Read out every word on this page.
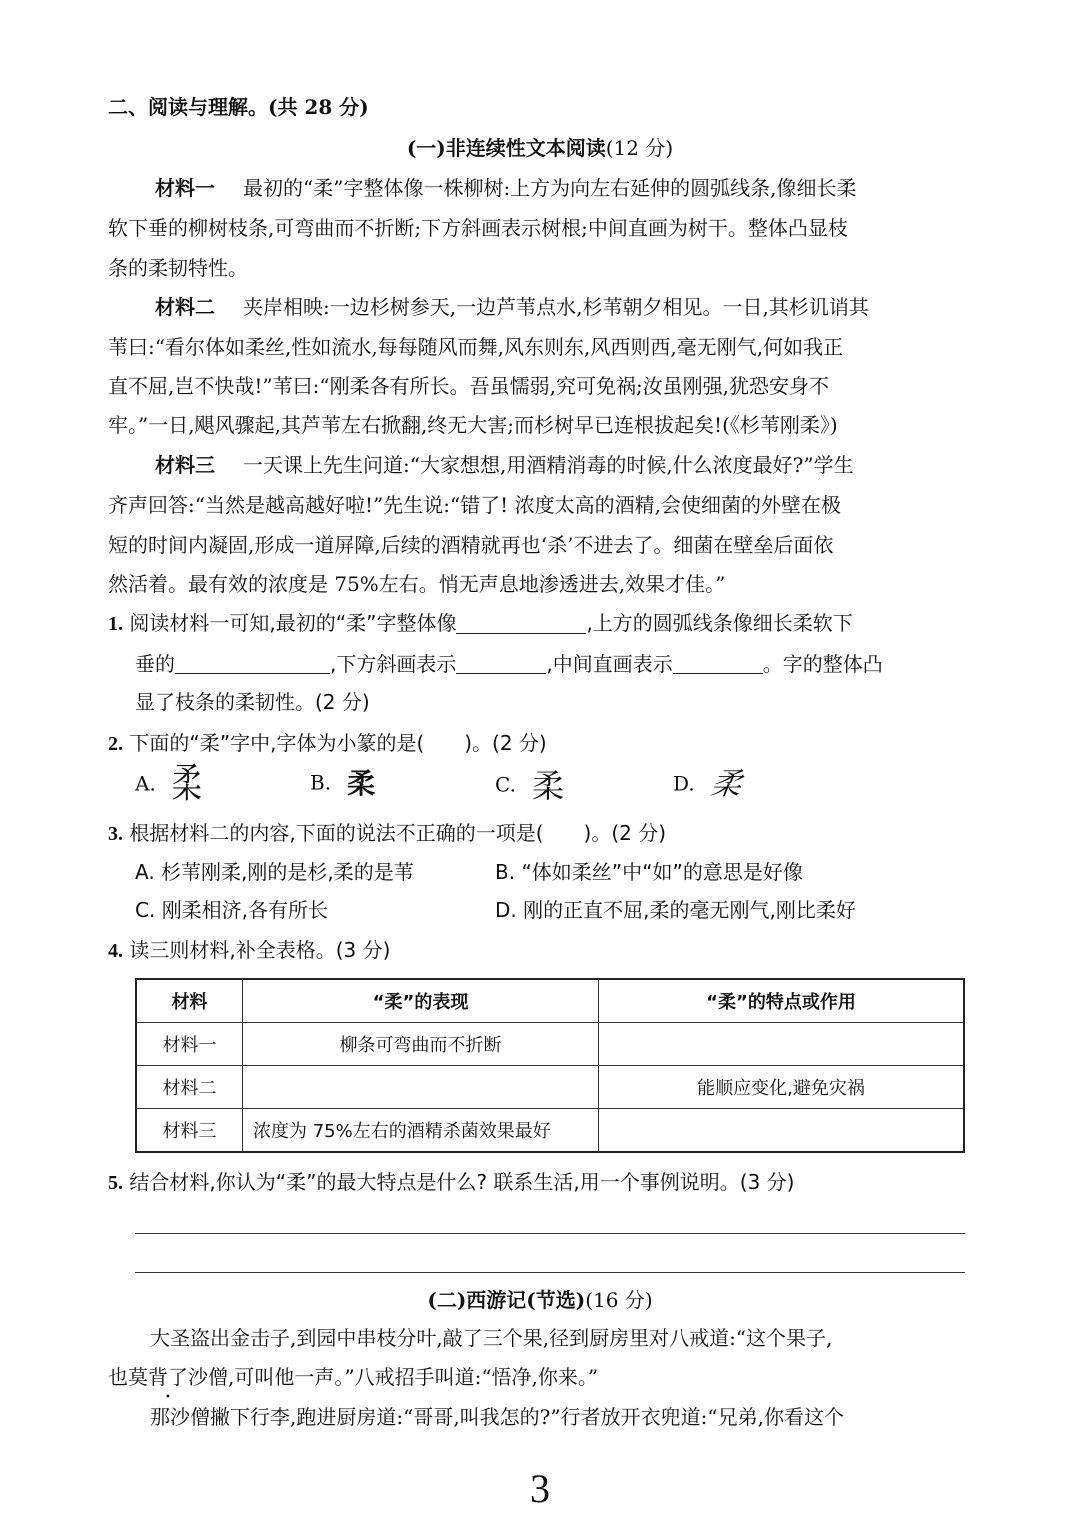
二、阅读与理解。(共 28 分)
(一)非连续性文本阅读(12 分)
材料一 最初的“柔”字整体像一株柳树:上方为向左右延伸的圆弧线条,像细长柔
软下垂的柳树枝条,可弯曲而不折断;下方斜画表示树根;中间直画为树干。整体凸显枝
条的柔韧特性。
材料二 夹岸相映:一边杉树参天,一边芦苇点水,杉苇朝夕相见。一日,其杉讥诮其
苇曰:“看尔体如柔丝,性如流水,每每随风而舞,风东则东,风西则西,毫无刚气,何如我正
直不屈,岂不快哉!”苇曰:“刚柔各有所长。吾虽懦弱,究可免祸;汝虽刚强,犹恐安身不
牢。”一日,飓风骤起,其芦苇左右掀翻,终无大害;而杉树早已连根拔起矣!(《杉苇刚柔》)
材料三 一天课上先生问道:“大家想想,用酒精消毒的时候,什么浓度最好?”学生
齐声回答:“当然是越高越好啦!”先生说:“错了! 浓度太高的酒精,会使细菌的外壁在极
短的时间内凝固,形成一道屏障,后续的酒精就再也‘杀’不进去了。细菌在壁垒后面依
然活着。最有效的浓度是 75%左右。悄无声息地渗透进去,效果才佳。”
1. 阅读材料一可知,最初的“柔”字整体像	,上方的圆弧线条像细长柔软下
垂的	,下方斜画表示	,中间直画表示	。字的整体凸
显了枝条的柔韧性。(2 分)
2. 下面的“柔”字中,字体为小篆的是( )。(2 分)
A. 柔	B. 柔	C. 柔	D. 柔
3. 根据材料二的内容,下面的说法不正确的一项是( )。(2 分)
A. 杉苇刚柔,刚的是杉,柔的是苇	B. “体如柔丝”中“如”的意思是好像
C. 刚柔相济,各有所长	D. 刚的正直不屈,柔的毫无刚气,刚比柔好
4. 读三则材料,补全表格。(3 分)
材料	“柔”的表现	“柔”的特点或作用
材料一	柳条可弯曲而不折断	
材料二		能顺应变化,避免灾祸
材料三	浓度为 75%左右的酒精杀菌效果最好	
5. 结合材料,你认为“柔”的最大特点是什么? 联系生活,用一个事例说明。(3 分)
(二)西游记(节选)(16 分)
大圣盗出金击子,到园中串枝分叶,敲了三个果,径到厨房里对八戒道:“这个果子,
也莫背了沙僧,可叫他一声。”八戒招手叫道:“悟净,你来。”
那沙僧撇下行李,跑进厨房道:“哥哥,叫我怎的?”行者放开衣兜道:“兄弟,你看这个
3
